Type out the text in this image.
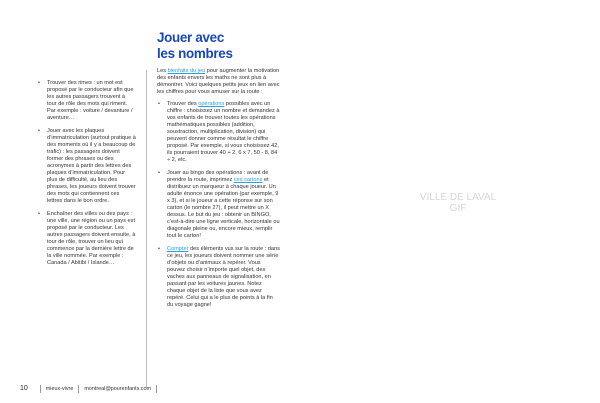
• Trouver des rimes : un mot est proposé par le conducteur afin que les autres passagers trouvent à tour de rôle des mots qui riment. Par exemple : voiture / devanture / aventure…
• Jouer avec les plaques d’immatriculation (surtout pratique à des moments où il y a beaucoup de trafic) : les passagers doivent former des phrases ou des acronymes à partir des lettres des plaques d’immatriculation. Pour plus de difficulté, au lieu des phrases, les joueurs doivent trouver des mots qui contiennent ces lettres dans le bon ordre.
• Enchaîner des villes ou des pays : une ville, une région ou un pays est proposé par le conducteur. Les autres passagers doivent ensuite, à tour de rôle, trouver un lieu qui commence par la dernière lettre de la ville nommée. Par exemple : Canada / Abitibi / Islande…
Jouer avec
les nombres

Les bienfaits du jeu pour augmenter la motivation des enfants envers les maths ne sont plus à démontrer. Voici quelques petits jeux en lien avec les chiffres pour vous amuser sur la route :

• Trouver des opérations possibles avec un chiffre : choisissez un nombre et demandez à vos enfants de trouver toutes les opérations mathématiques possibles (addition, soustraction, multiplication, division) qui peuvent donner comme résultat le chiffre proposé. Par exemple, si vous choisissez 42, ils pourraient trouver 40 + 2, 6 x 7, 50 - 8, 84 ÷ 2, etc.
• Jouer au bingo des opérations : avant de prendre la route, imprimez ces cartons et distribuez un marqueur à chaque joueur. Un adulte énonce une opération (par exemple, 9 x 3), et si le joueur a cette réponse sur son carton (le nombre 27), il peut mettre un X dessus. Le but du jeu : obtenir un BINGO, c’est-à-dire une ligne verticale, horizontale ou diagonale pleine ou, encore mieux, remplir tout le carton!
• Compter des éléments vus sur la route : dans ce jeu, les joueurs doivent nommer une série d’objets ou d’animaux à repérer. Vous pouvez choisir n’importe quel objet, des vaches aux panneaux de signalisation, en passant par les voitures jaunes. Notez chaque objet de la liste que vous avez repéré. Celui qui a le plus de points à la fin du voyage gagne!
VILLE DE LAVAL
GIF
10	mieux-vivre montreal@pourenfants.com
